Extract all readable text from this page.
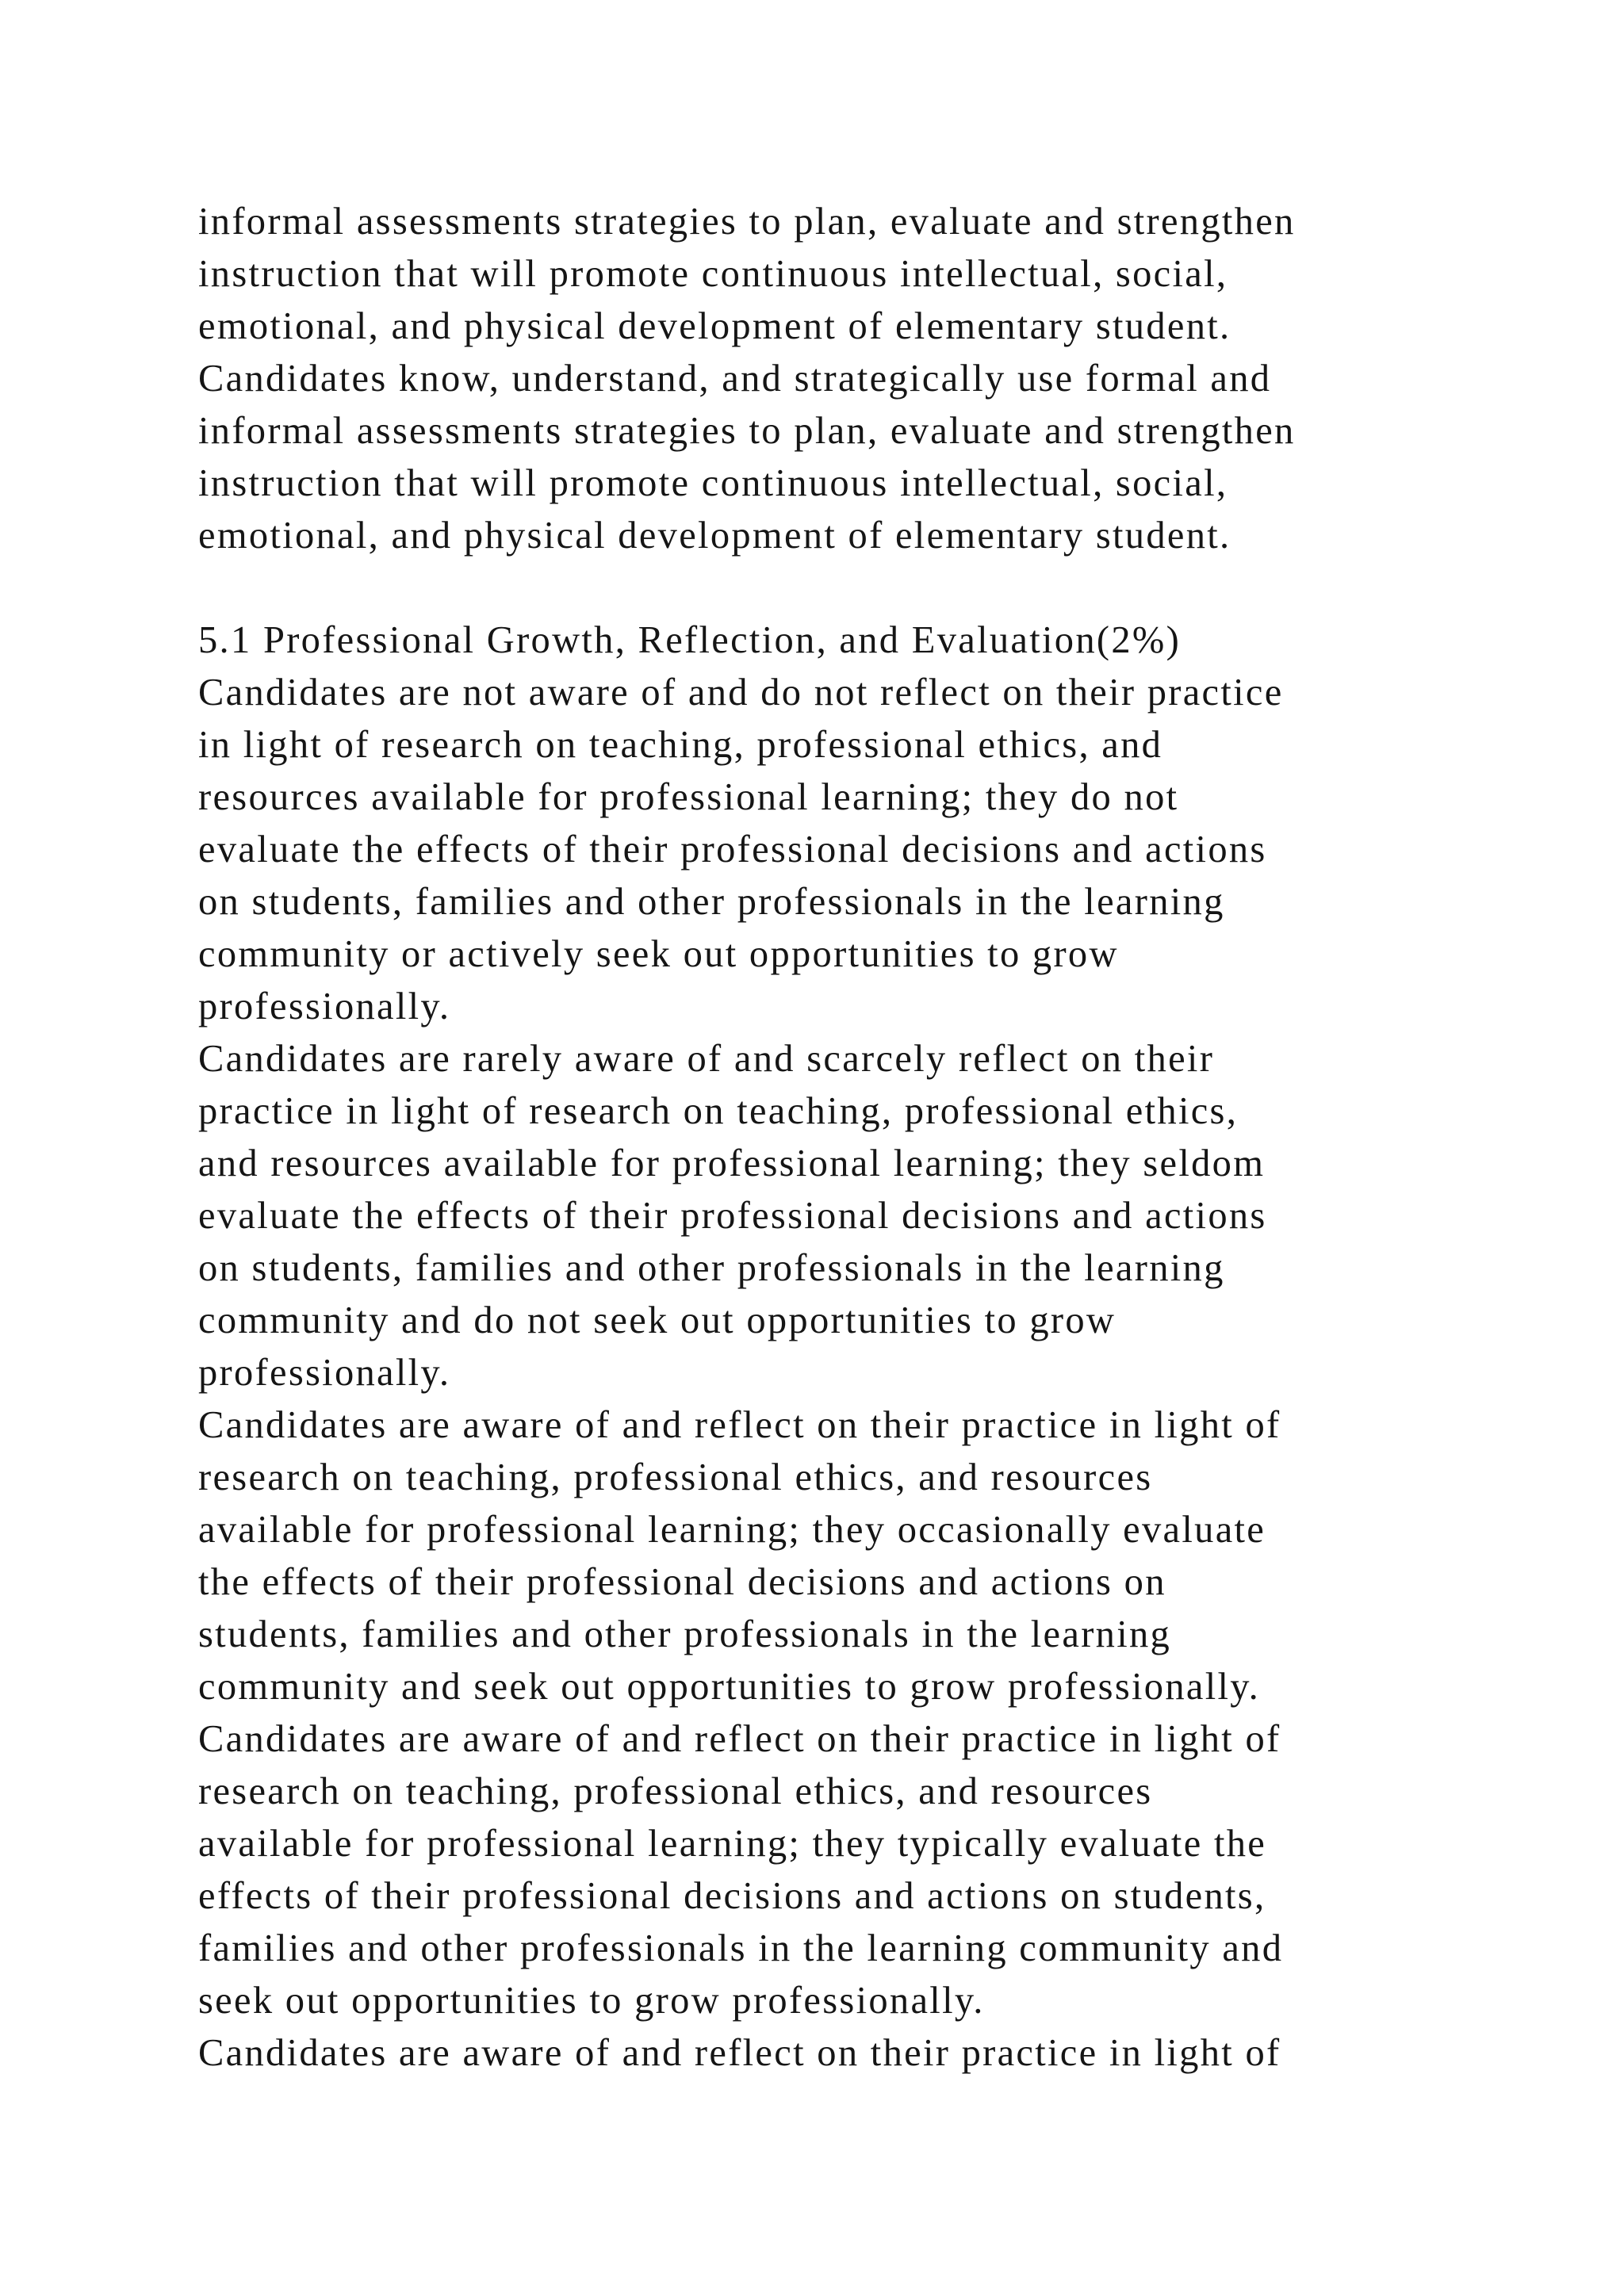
informal assessments strategies to plan, evaluate and strengthen
instruction that will promote continuous intellectual, social,
emotional, and physical development of elementary student.
Candidates know, understand, and strategically use formal and
informal assessments strategies to plan, evaluate and strengthen
instruction that will promote continuous intellectual, social,
emotional, and physical development of elementary student.
5.1 Professional Growth, Reflection, and Evaluation(2%)
Candidates are not aware of and do not reflect on their practice
in light of research on teaching, professional ethics, and
resources available for professional learning; they do not
evaluate the effects of their professional decisions and actions
on students, families and other professionals in the learning
community or actively seek out opportunities to grow
professionally.
Candidates are rarely aware of and scarcely reflect on their
practice in light of research on teaching, professional ethics,
and resources available for professional learning; they seldom
evaluate the effects of their professional decisions and actions
on students, families and other professionals in the learning
community and do not seek out opportunities to grow
professionally.
Candidates are aware of and reflect on their practice in light of
research on teaching, professional ethics, and resources
available for professional learning; they occasionally evaluate
the effects of their professional decisions and actions on
students, families and other professionals in the learning
community and seek out opportunities to grow professionally.
Candidates are aware of and reflect on their practice in light of
research on teaching, professional ethics, and resources
available for professional learning; they typically evaluate the
effects of their professional decisions and actions on students,
families and other professionals in the learning community and
seek out opportunities to grow professionally.
Candidates are aware of and reflect on their practice in light of
